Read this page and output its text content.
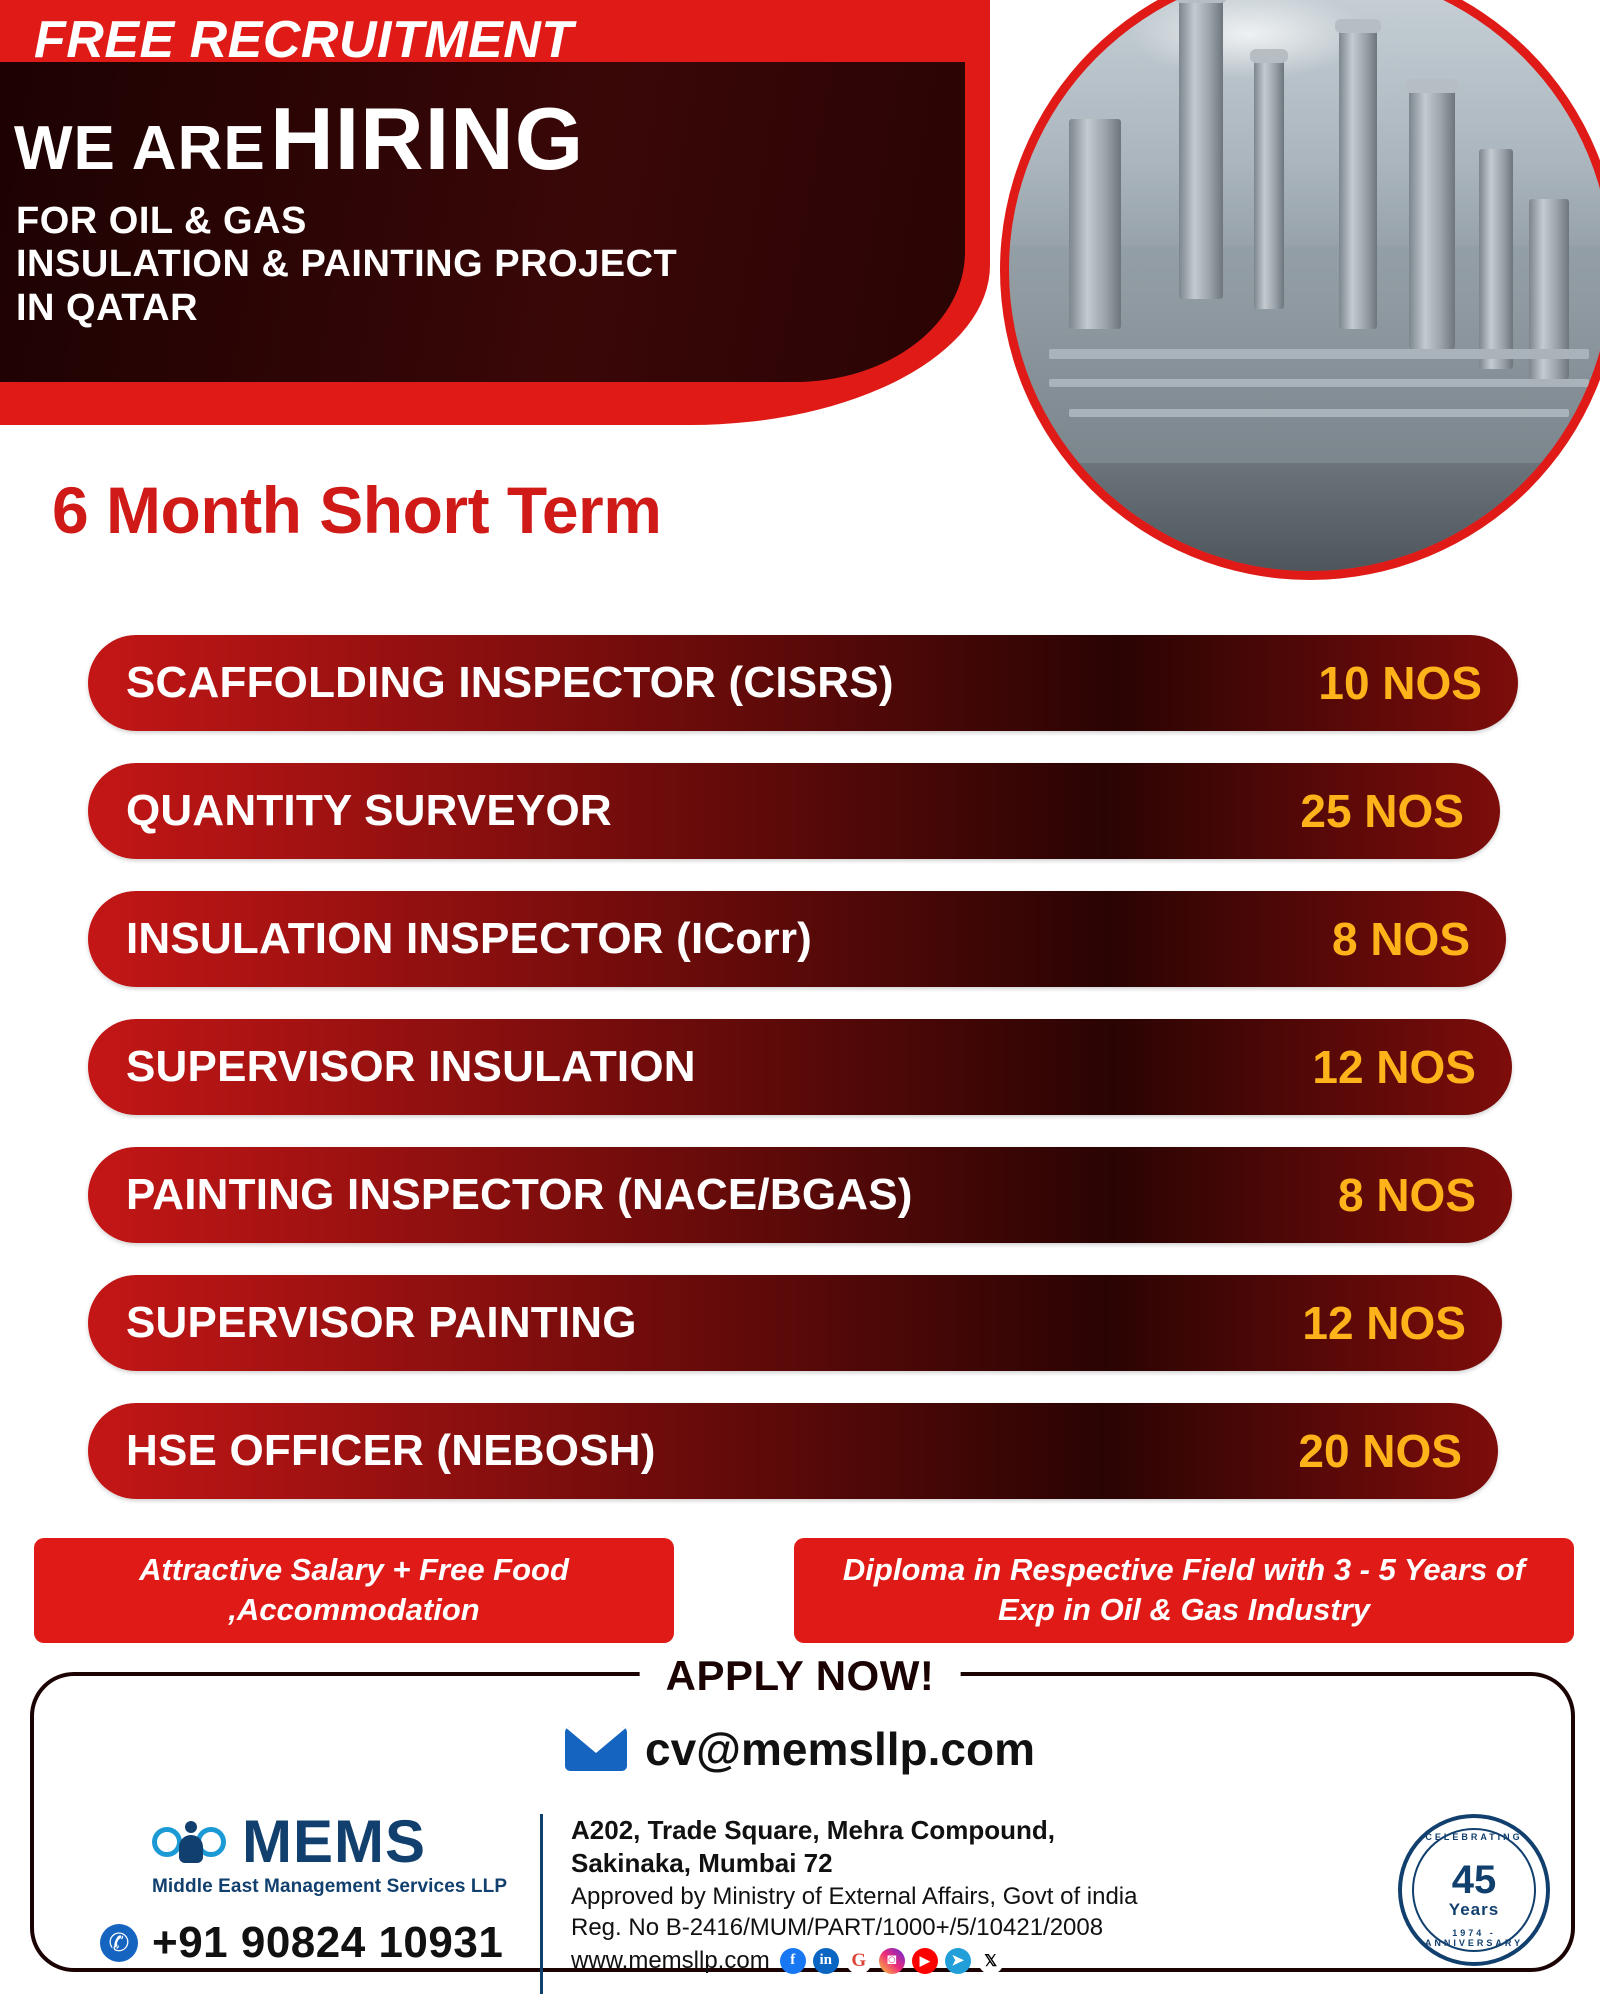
FREE RECRUITMENT
WE ARE HIRING
FOR OIL & GAS
INSULATION & PAINTING PROJECT
IN QATAR
6 Month Short Term
SCAFFOLDING INSPECTOR (CISRS)	10 NOS
QUANTITY SURVEYOR	25 NOS
INSULATION INSPECTOR (ICorr)	8 NOS
SUPERVISOR INSULATION	12 NOS
PAINTING INSPECTOR (NACE/BGAS)	8 NOS
SUPERVISOR PAINTING	12 NOS
HSE OFFICER (NEBOSH)	20 NOS
Attractive Salary + Free Food ,Accommodation
Diploma in Respective Field with 3 - 5 Years of Exp in Oil & Gas Industry
APPLY NOW!
cv@memsllp.com
MEMS
Middle East Management Services LLP
✆
+91 90824 10931
A202, Trade Square, Mehra Compound,
Sakinaka, Mumbai 72
Approved by Ministry of External Affairs, Govt of india
Reg. No B-2416/MUM/PART/1000+/5/10421/2008
www.memsllp.com	f	in	G	◙	▶	➤	𝕏
CELEBRATING
45
Years
1974 - ANNIVERSARY
